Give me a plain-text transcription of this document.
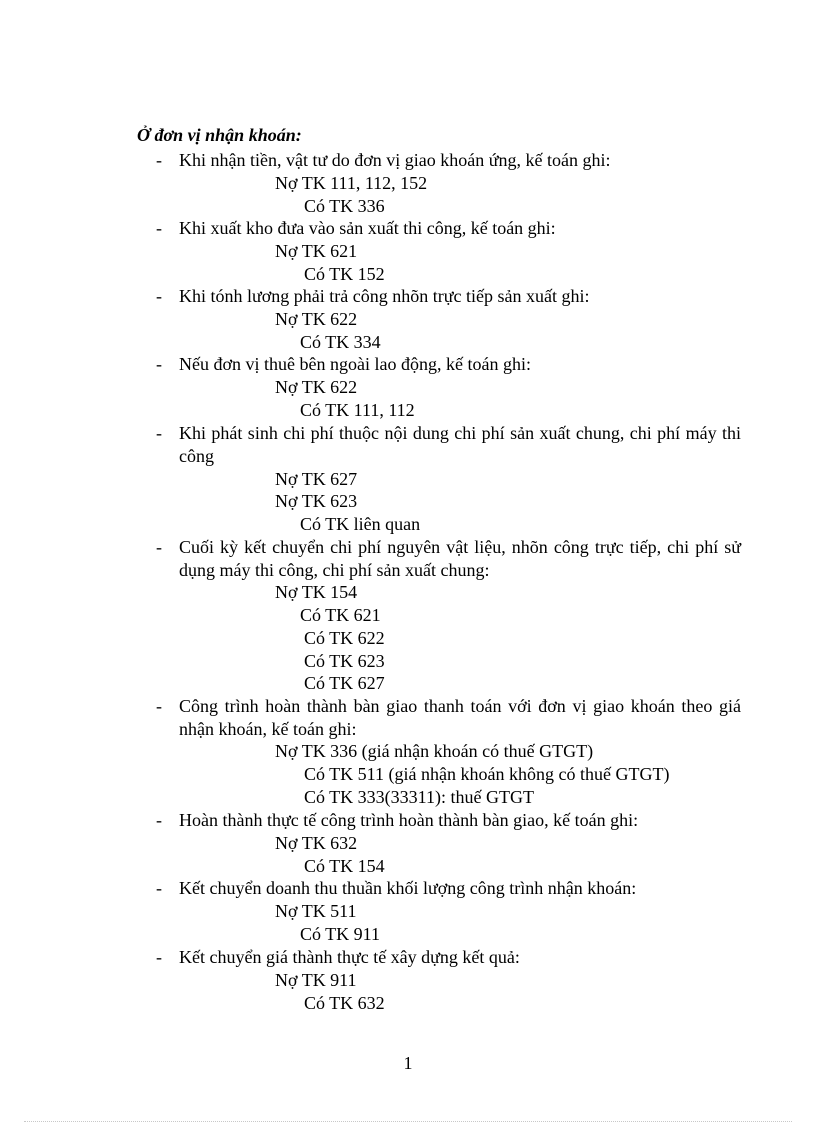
Ở đơn vị nhận khoán:
- Khi nhận tiền, vật tư do đơn vị giao khoán ứng, kế toán ghi:
Nợ TK 111, 112, 152
Có TK 336
- Khi xuất kho đưa vào sản xuất thi công, kế toán ghi:
Nợ TK 621
Có TK 152
- Khi tónh lương phải trả công nhõn trực tiếp sản xuất ghi:
Nợ TK 622
Có TK 334
- Nếu đơn vị thuê bên ngoài lao động, kế toán ghi:
Nợ TK 622
Có TK 111, 112
- Khi phát sinh chi phí thuộc nội dung chi phí sản xuất chung, chi phí máy thi công
Nợ TK 627
Nợ TK 623
Có TK liên quan
- Cuối kỳ kết chuyển chi phí nguyên vật liệu, nhõn công trực tiếp, chi phí sử dụng máy thi công, chi phí sản xuất chung:
Nợ TK 154
Có TK 621
Có TK 622
Có TK 623
Có TK 627
- Công trình hoàn thành bàn giao thanh toán với đơn vị giao khoán theo giá nhận khoán, kế toán ghi:
Nợ TK 336 (giá nhận khoán có thuế GTGT)
Có TK 511 (giá nhận khoán không có thuế GTGT)
Có TK 333(33311): thuế GTGT
- Hoàn thành thực tế công trình hoàn thành bàn giao, kế toán ghi:
Nợ TK 632
Có TK 154
- Kết chuyển doanh thu thuần khối lượng công trình nhận khoán:
Nợ TK 511
Có TK 911
- Kết chuyển giá thành thực tế xây dựng kết quả:
Nợ TK 911
Có TK 632
1
